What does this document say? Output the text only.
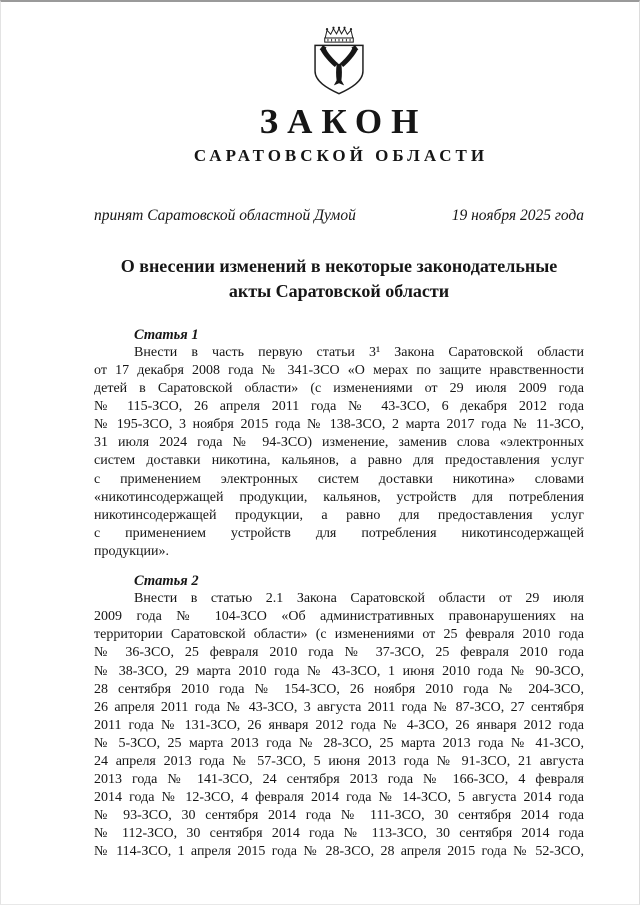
ЗАКОН
САРАТОВСКОЙ ОБЛАСТИ
принят Саратовской областной Думой	19 ноября 2025 года
О внесении изменений в некоторые законодательные
акты Саратовской области
Статья 1
Внести в часть первую статьи 3¹ Закона Саратовской области
от 17 декабря 2008 года № 341-ЗСО «О мерах по защите нравственности
детей в Саратовской области» (с изменениями от 29 июля 2009 года
№ 115-ЗСО, 26 апреля 2011 года № 43-ЗСО, 6 декабря 2012 года
№ 195-ЗСО, 3 ноября 2015 года № 138-ЗСО, 2 марта 2017 года № 11-ЗСО,
31 июля 2024 года № 94-ЗСО) изменение, заменив слова «электронных
систем доставки никотина, кальянов, а равно для предоставления услуг
с применением электронных систем доставки никотина» словами
«никотинсодержащей продукции, кальянов, устройств для потребления
никотинсодержащей продукции, а равно для предоставления услуг
с применением устройств для потребления никотинсодержащей
продукции».
Статья 2
Внести в статью 2.1 Закона Саратовской области от 29 июля
2009 года № 104-ЗСО «Об административных правонарушениях на
территории Саратовской области» (с изменениями от 25 февраля 2010 года
№ 36-ЗСО, 25 февраля 2010 года № 37-ЗСО, 25 февраля 2010 года
№ 38-ЗСО, 29 марта 2010 года № 43-ЗСО, 1 июня 2010 года № 90-ЗСО,
28 сентября 2010 года № 154-ЗСО, 26 ноября 2010 года № 204-ЗСО,
26 апреля 2011 года № 43-ЗСО, 3 августа 2011 года № 87-ЗСО, 27 сентября
2011 года № 131-ЗСО, 26 января 2012 года № 4-ЗСО, 26 января 2012 года
№ 5-ЗСО, 25 марта 2013 года № 28-ЗСО, 25 марта 2013 года № 41-ЗСО,
24 апреля 2013 года № 57-ЗСО, 5 июня 2013 года № 91-ЗСО, 21 августа
2013 года № 141-ЗСО, 24 сентября 2013 года № 166-ЗСО, 4 февраля
2014 года № 12-ЗСО, 4 февраля 2014 года № 14-ЗСО, 5 августа 2014 года
№ 93-ЗСО, 30 сентября 2014 года № 111-ЗСО, 30 сентября 2014 года
№ 112-ЗСО, 30 сентября 2014 года № 113-ЗСО, 30 сентября 2014 года
№ 114-ЗСО, 1 апреля 2015 года № 28-ЗСО, 28 апреля 2015 года № 52-ЗСО,
